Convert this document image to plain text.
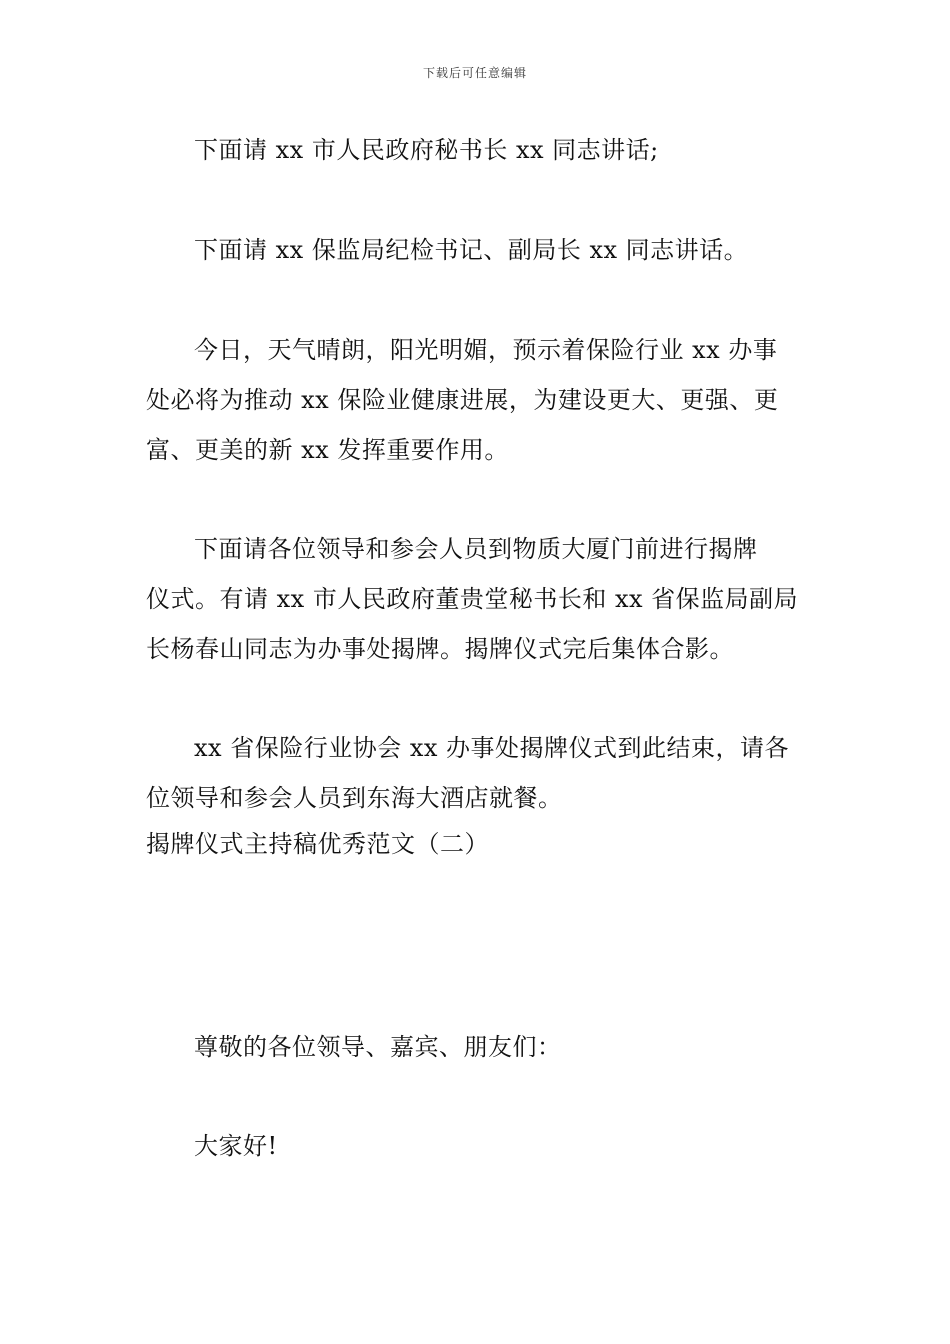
下载后可任意编辑
下面请 xx 市人民政府秘书长 xx 同志讲话;
下面请 xx 保监局纪检书记、副局长 xx 同志讲话。
今日，天气晴朗，阳光明媚，预示着保险行业 xx 办事
处必将为推动 xx 保险业健康进展，为建设更大、更强、更
富、更美的新 xx 发挥重要作用。
下面请各位领导和参会人员到物质大厦门前进行揭牌
仪式。有请 xx 市人民政府董贵堂秘书长和 xx 省保监局副局
长杨春山同志为办事处揭牌。揭牌仪式完后集体合影。
xx 省保险行业协会 xx 办事处揭牌仪式到此结束，请各
位领导和参会人员到东海大酒店就餐。
揭牌仪式主持稿优秀范文（二）
尊敬的各位领导、嘉宾、朋友们：
大家好!
